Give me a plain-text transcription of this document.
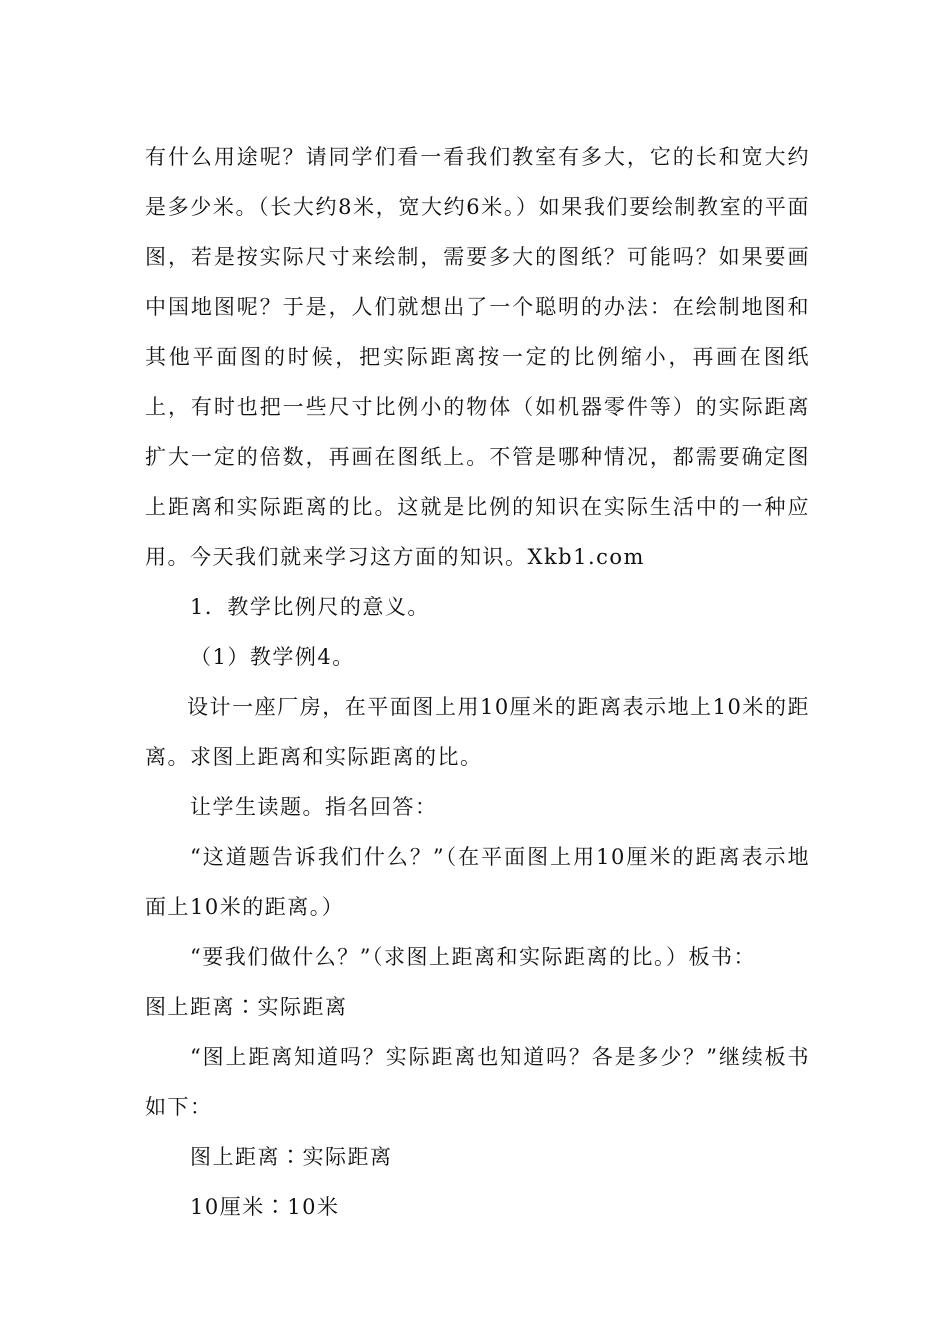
有什么用途呢？请同学们看一看我们教室有多大，它的长和宽大约是多少米。（长大约8米，宽大约6米。）如果我们要绘制教室的平面图，若是按实际尺寸来绘制，需要多大的图纸？可能吗？如果要画中国地图呢？于是，人们就想出了一个聪明的办法：在绘制地图和其他平面图的时候，把实际距离按一定的比例缩小，再画在图纸上，有时也把一些尺寸比例小的物体（如机器零件等）的实际距离扩大一定的倍数，再画在图纸上。不管是哪种情况，都需要确定图上距离和实际距离的比。这就是比例的知识在实际生活中的一种应用。今天我们就来学习这方面的知识。Xkb1.com

1．教学比例尺的意义。

（1）教学例4。

设计一座厂房，在平面图上用10厘米的距离表示地上10米的距离。求图上距离和实际距离的比。

让学生读题。指名回答：

“这道题告诉我们什么？”（在平面图上用10厘米的距离表示地面上10米的距离。）

“要我们做什么？”（求图上距离和实际距离的比。）板书：

图上距离∶实际距离

“图上距离知道吗？实际距离也知道吗？各是多少？”继续板书如下：

图上距离∶实际距离

10厘米∶10米
